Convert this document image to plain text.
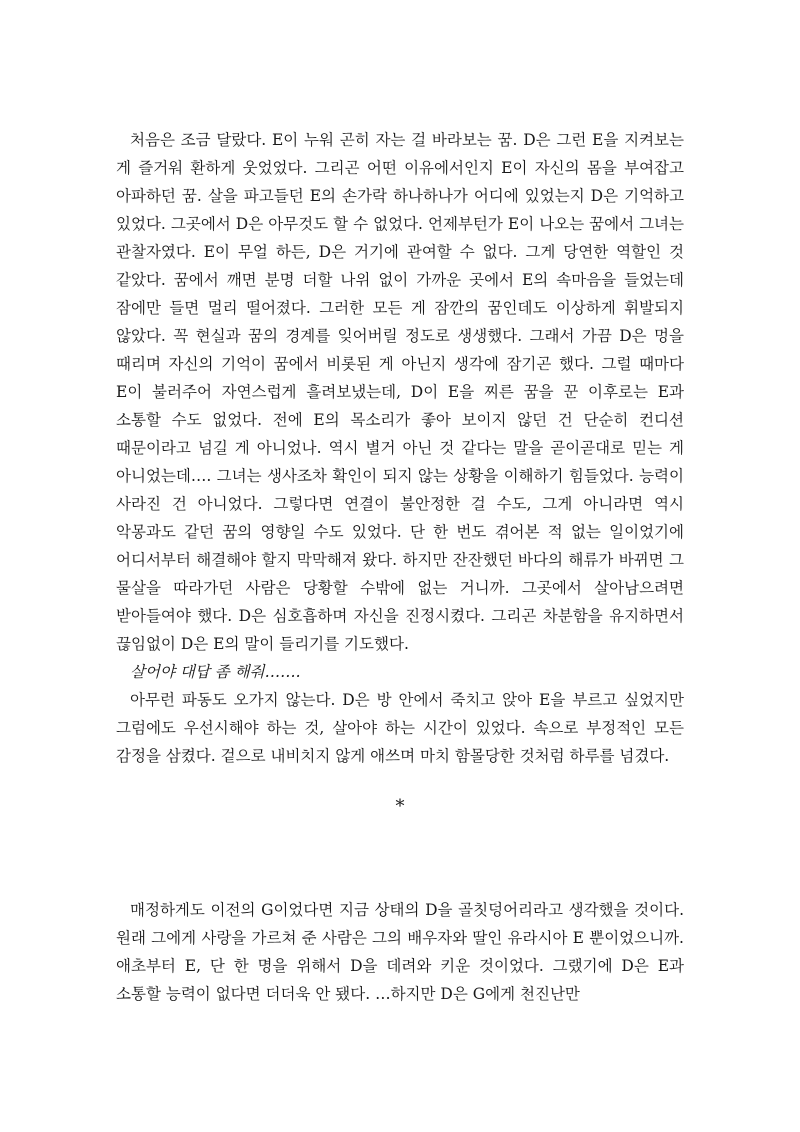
처음은 조금 달랐다. E이 누워 곤히 자는 걸 바라보는 꿈. D은 그런 E을 지켜보는 게 즐거워 환하게 웃었었다. 그리곤 어떤 이유에서인지 E이 자신의 몸을 부여잡고 아파하던 꿈. 살을 파고들던 E의 손가락 하나하나가 어디에 있었는지 D은 기억하고 있었다. 그곳에서 D은 아무것도 할 수 없었다. 언제부턴가 E이 나오는 꿈에서 그녀는 관찰자였다. E이 무얼 하든, D은 거기에 관여할 수 없다. 그게 당연한 역할인 것 같았다. 꿈에서 깨면 분명 더할 나위 없이 가까운 곳에서 E의 속마음을 들었는데 잠에만 들면 멀리 떨어졌다. 그러한 모든 게 잠깐의 꿈인데도 이상하게 휘발되지 않았다. 꼭 현실과 꿈의 경계를 잊어버릴 정도로 생생했다. 그래서 가끔 D은 멍을 때리며 자신의 기억이 꿈에서 비롯된 게 아닌지 생각에 잠기곤 했다. 그럴 때마다 E이 불러주어 자연스럽게 흘려보냈는데, D이 E을 찌른 꿈을 꾼 이후로는 E과 소통할 수도 없었다. 전에 E의 목소리가 좋아 보이지 않던 건 단순히 컨디션 때문이라고 넘길 게 아니었나. 역시 별거 아닌 것 같다는 말을 곧이곧대로 믿는 게 아니었는데…. 그녀는 생사조차 확인이 되지 않는 상황을 이해하기 힘들었다. 능력이 사라진 건 아니었다. 그렇다면 연결이 불안정한 걸 수도, 그게 아니라면 역시 악몽과도 같던 꿈의 영향일 수도 있었다. 단 한 번도 겪어본 적 없는 일이었기에 어디서부터 해결해야 할지 막막해져 왔다. 하지만 잔잔했던 바다의 해류가 바뀌면 그 물살을 따라가던 사람은 당황할 수밖에 없는 거니까. 그곳에서 살아남으려면 받아들여야 했다. D은 심호흡하며 자신을 진정시켰다. 그리곤 차분함을 유지하면서 끊임없이 D은 E의 말이 들리기를 기도했다.

살어야 대답 좀 해줘…….

아무런 파동도 오가지 않는다. D은 방 안에서 죽치고 앉아 E을 부르고 싶었지만 그럼에도 우선시해야 하는 것, 살아야 하는 시간이 있었다. 속으로 부정적인 모든 감정을 삼켰다. 겉으로 내비치지 않게 애쓰며 마치 함몰당한 것처럼 하루를 넘겼다.

*

매정하게도 이전의 G이었다면 지금 상태의 D을 골칫덩어리라고 생각했을 것이다. 원래 그에게 사랑을 가르쳐 준 사람은 그의 배우자와 딸인 유라시아 E 뿐이었으니까. 애초부터 E, 단 한 명을 위해서 D을 데려와 키운 것이었다. 그랬기에 D은 E과 소통할 능력이 없다면 더더욱 안 됐다. …하지만 D은 G에게 천진난만
